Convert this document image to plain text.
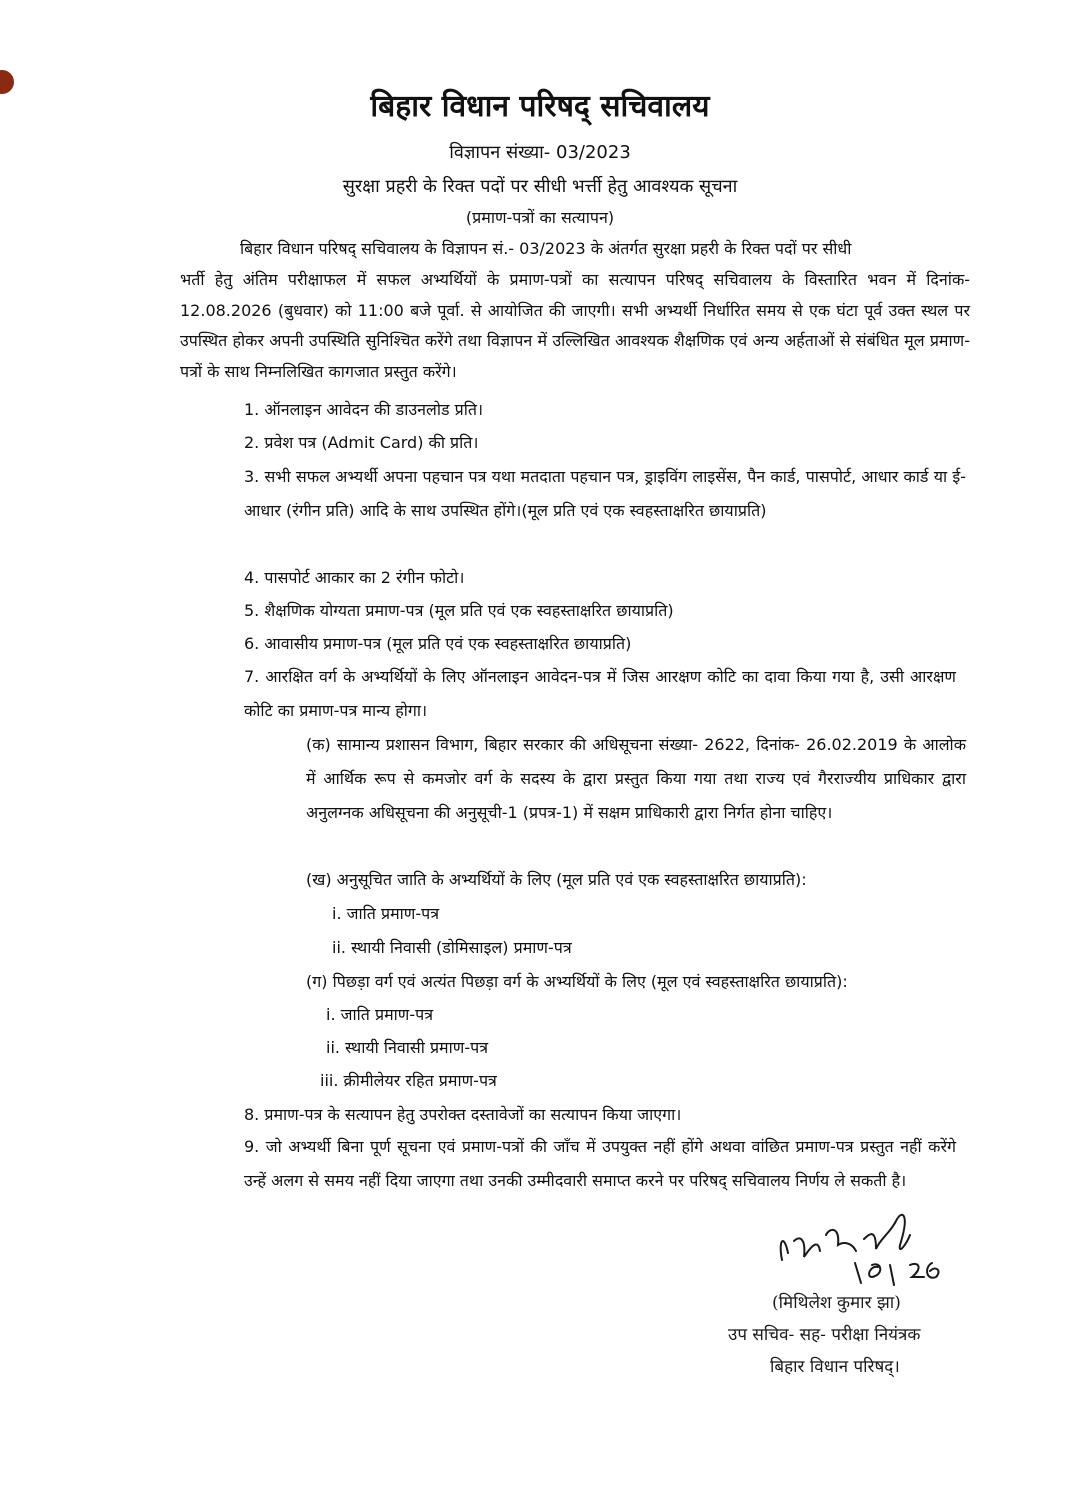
बिहार विधान परिषद् सचिवालय
विज्ञापन संख्या- 03/2023
सुरक्षा प्रहरी के रिक्त पदों पर सीधी भर्त्ती हेतु आवश्यक सूचना
(प्रमाण-पत्रों का सत्यापन)
बिहार विधान परिषद् सचिवालय के विज्ञापन सं.- 03/2023 के अंतर्गत सुरक्षा प्रहरी के रिक्त पदों पर सीधी
भर्ती हेतु अंतिम परीक्षाफल में सफल अभ्यर्थियों के प्रमाण-पत्रों का सत्यापन परिषद् सचिवालय के विस्तारित भवन में दिनांक- 12.08.2026 (बुधवार) को 11:00 बजे पूर्वा. से आयोजित की जाएगी। सभी अभ्यर्थी निर्धारित समय से एक घंटा पूर्व उक्त स्थल पर उपस्थित होकर अपनी उपस्थिति सुनिश्चित करेंगे तथा विज्ञापन में उल्लिखित आवश्यक शैक्षणिक एवं अन्य अर्हताओं से संबंधित मूल प्रमाण-पत्रों के साथ निम्नलिखित कागजात प्रस्तुत करेंगे।
1. ऑनलाइन आवेदन की डाउनलोड प्रति।
2. प्रवेश पत्र (Admit Card) की प्रति।
3. सभी सफल अभ्यर्थी अपना पहचान पत्र यथा मतदाता पहचान पत्र, ड्राइविंग लाइसेंस, पैन कार्ड, पासपोर्ट, आधार कार्ड या ई-आधार (रंगीन प्रति) आदि के साथ उपस्थित होंगे।(मूल प्रति एवं एक स्वहस्ताक्षरित छायाप्रति)
4. पासपोर्ट आकार का 2 रंगीन फोटो।
5. शैक्षणिक योग्यता प्रमाण-पत्र (मूल प्रति एवं एक स्वहस्ताक्षरित छायाप्रति)
6. आवासीय प्रमाण-पत्र (मूल प्रति एवं एक स्वहस्ताक्षरित छायाप्रति)
7. आरक्षित वर्ग के अभ्यर्थियों के लिए ऑनलाइन आवेदन-पत्र में जिस आरक्षण कोटि का दावा किया गया है, उसी आरक्षण कोटि का प्रमाण-पत्र मान्य होगा।
(क) सामान्य प्रशासन विभाग, बिहार सरकार की अधिसूचना संख्या- 2622, दिनांक- 26.02.2019 के आलोक में आर्थिक रूप से कमजोर वर्ग के सदस्य के द्वारा प्रस्तुत किया गया तथा राज्य एवं गैरराज्यीय प्राधिकार द्वारा अनुलग्नक अधिसूचना की अनुसूची-1 (प्रपत्र-1) में सक्षम प्राधिकारी द्वारा निर्गत होना चाहिए।
(ख) अनुसूचित जाति के अभ्यर्थियों के लिए (मूल प्रति एवं एक स्वहस्ताक्षरित छायाप्रति):
i. जाति प्रमाण-पत्र
ii. स्थायी निवासी (डोमिसाइल) प्रमाण-पत्र
(ग) पिछड़ा वर्ग एवं अत्यंत पिछड़ा वर्ग के अभ्यर्थियों के लिए (मूल एवं स्वहस्ताक्षरित छायाप्रति):
i. जाति प्रमाण-पत्र
ii. स्थायी निवासी प्रमाण-पत्र
iii. क्रीमीलेयर रहित प्रमाण-पत्र
8. प्रमाण-पत्र के सत्यापन हेतु उपरोक्त दस्तावेजों का सत्यापन किया जाएगा।
9. जो अभ्यर्थी बिना पूर्ण सूचना एवं प्रमाण-पत्रों की जाँच में उपयुक्त नहीं होंगे अथवा वांछित प्रमाण-पत्र प्रस्तुत नहीं करेंगे उन्हें अलग से समय नहीं दिया जाएगा तथा उनकी उम्मीदवारी समाप्त करने पर परिषद् सचिवालय निर्णय ले सकती है।
7/8/26
(मिथिलेश कुमार झा)
उप सचिव- सह- परीक्षा नियंत्रक
बिहार विधान परिषद्।
